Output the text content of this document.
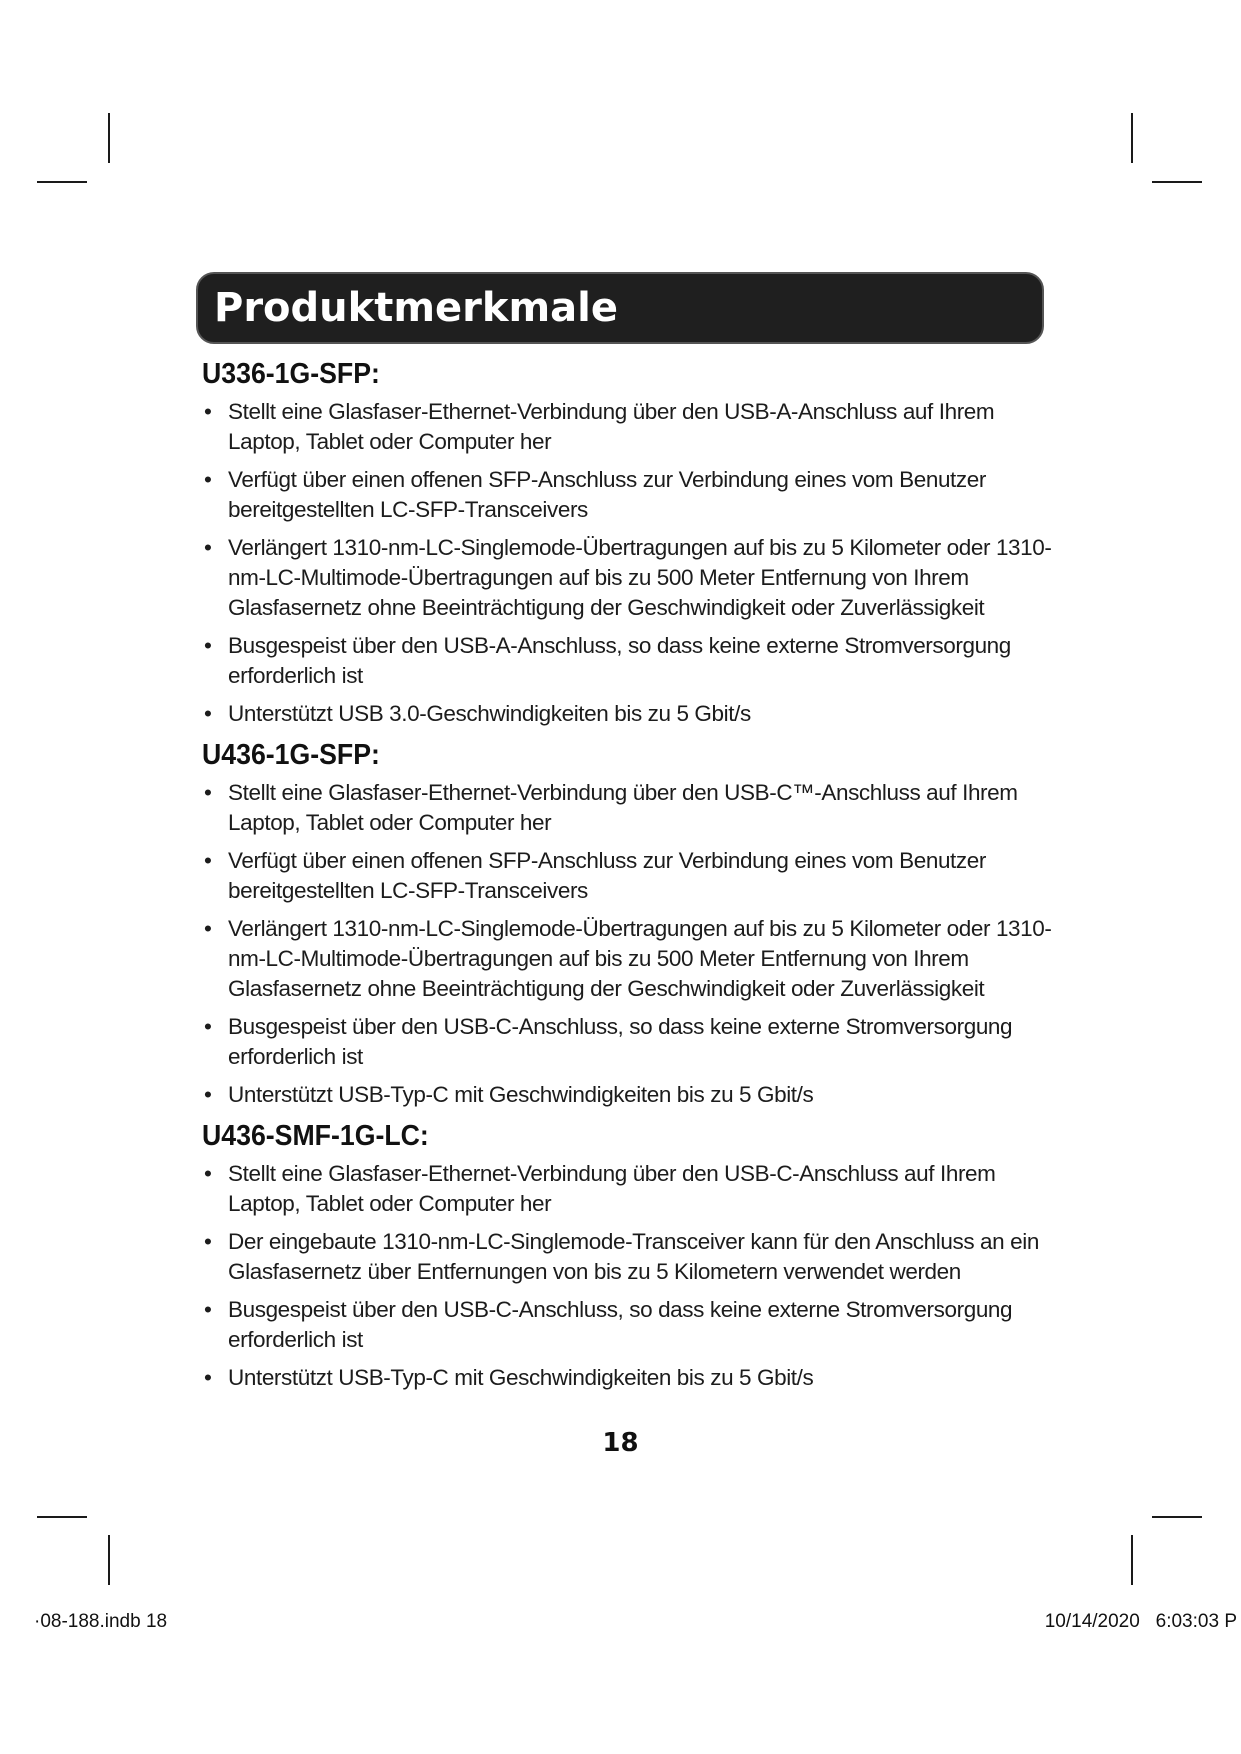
Produktmerkmale
U336-1G-SFP:
• Stellt eine Glasfaser-Ethernet-Verbindung über den USB-A-Anschluss auf Ihrem Laptop, Tablet oder Computer her
• Verfügt über einen offenen SFP-Anschluss zur Verbindung eines vom Benutzer bereitgestellten LC-SFP-Transceivers
• Verlängert 1310-nm-LC-Singlemode-Übertragungen auf bis zu 5 Kilometer oder 1310-nm-LC-Multimode-Übertragungen auf bis zu 500 Meter Entfernung von Ihrem Glasfasernetz ohne Beeinträchtigung der Geschwindigkeit oder Zuverlässigkeit
• Busgespeist über den USB-A-Anschluss, so dass keine externe Stromversorgung erforderlich ist
• Unterstützt USB 3.0-Geschwindigkeiten bis zu 5 Gbit/s
U436-1G-SFP:
• Stellt eine Glasfaser-Ethernet-Verbindung über den USB-C™-Anschluss auf Ihrem Laptop, Tablet oder Computer her
• Verfügt über einen offenen SFP-Anschluss zur Verbindung eines vom Benutzer bereitgestellten LC-SFP-Transceivers
• Verlängert 1310-nm-LC-Singlemode-Übertragungen auf bis zu 5 Kilometer oder 1310-nm-LC-Multimode-Übertragungen auf bis zu 500 Meter Entfernung von Ihrem Glasfasernetz ohne Beeinträchtigung der Geschwindigkeit oder Zuverlässigkeit
• Busgespeist über den USB-C-Anschluss, so dass keine externe Stromversorgung erforderlich ist
• Unterstützt USB-Typ-C mit Geschwindigkeiten bis zu 5 Gbit/s
U436-SMF-1G-LC:
• Stellt eine Glasfaser-Ethernet-Verbindung über den USB-C-Anschluss auf Ihrem Laptop, Tablet oder Computer her
• Der eingebaute 1310-nm-LC-Singlemode-Transceiver kann für den Anschluss an ein Glasfasernetz über Entfernungen von bis zu 5 Kilometern verwendet werden
• Busgespeist über den USB-C-Anschluss, so dass keine externe Stromversorgung erforderlich ist
• Unterstützt USB-Typ-C mit Geschwindigkeiten bis zu 5 Gbit/s
18
·08-188.indb 18	10/14/2020   6:03:03 P
